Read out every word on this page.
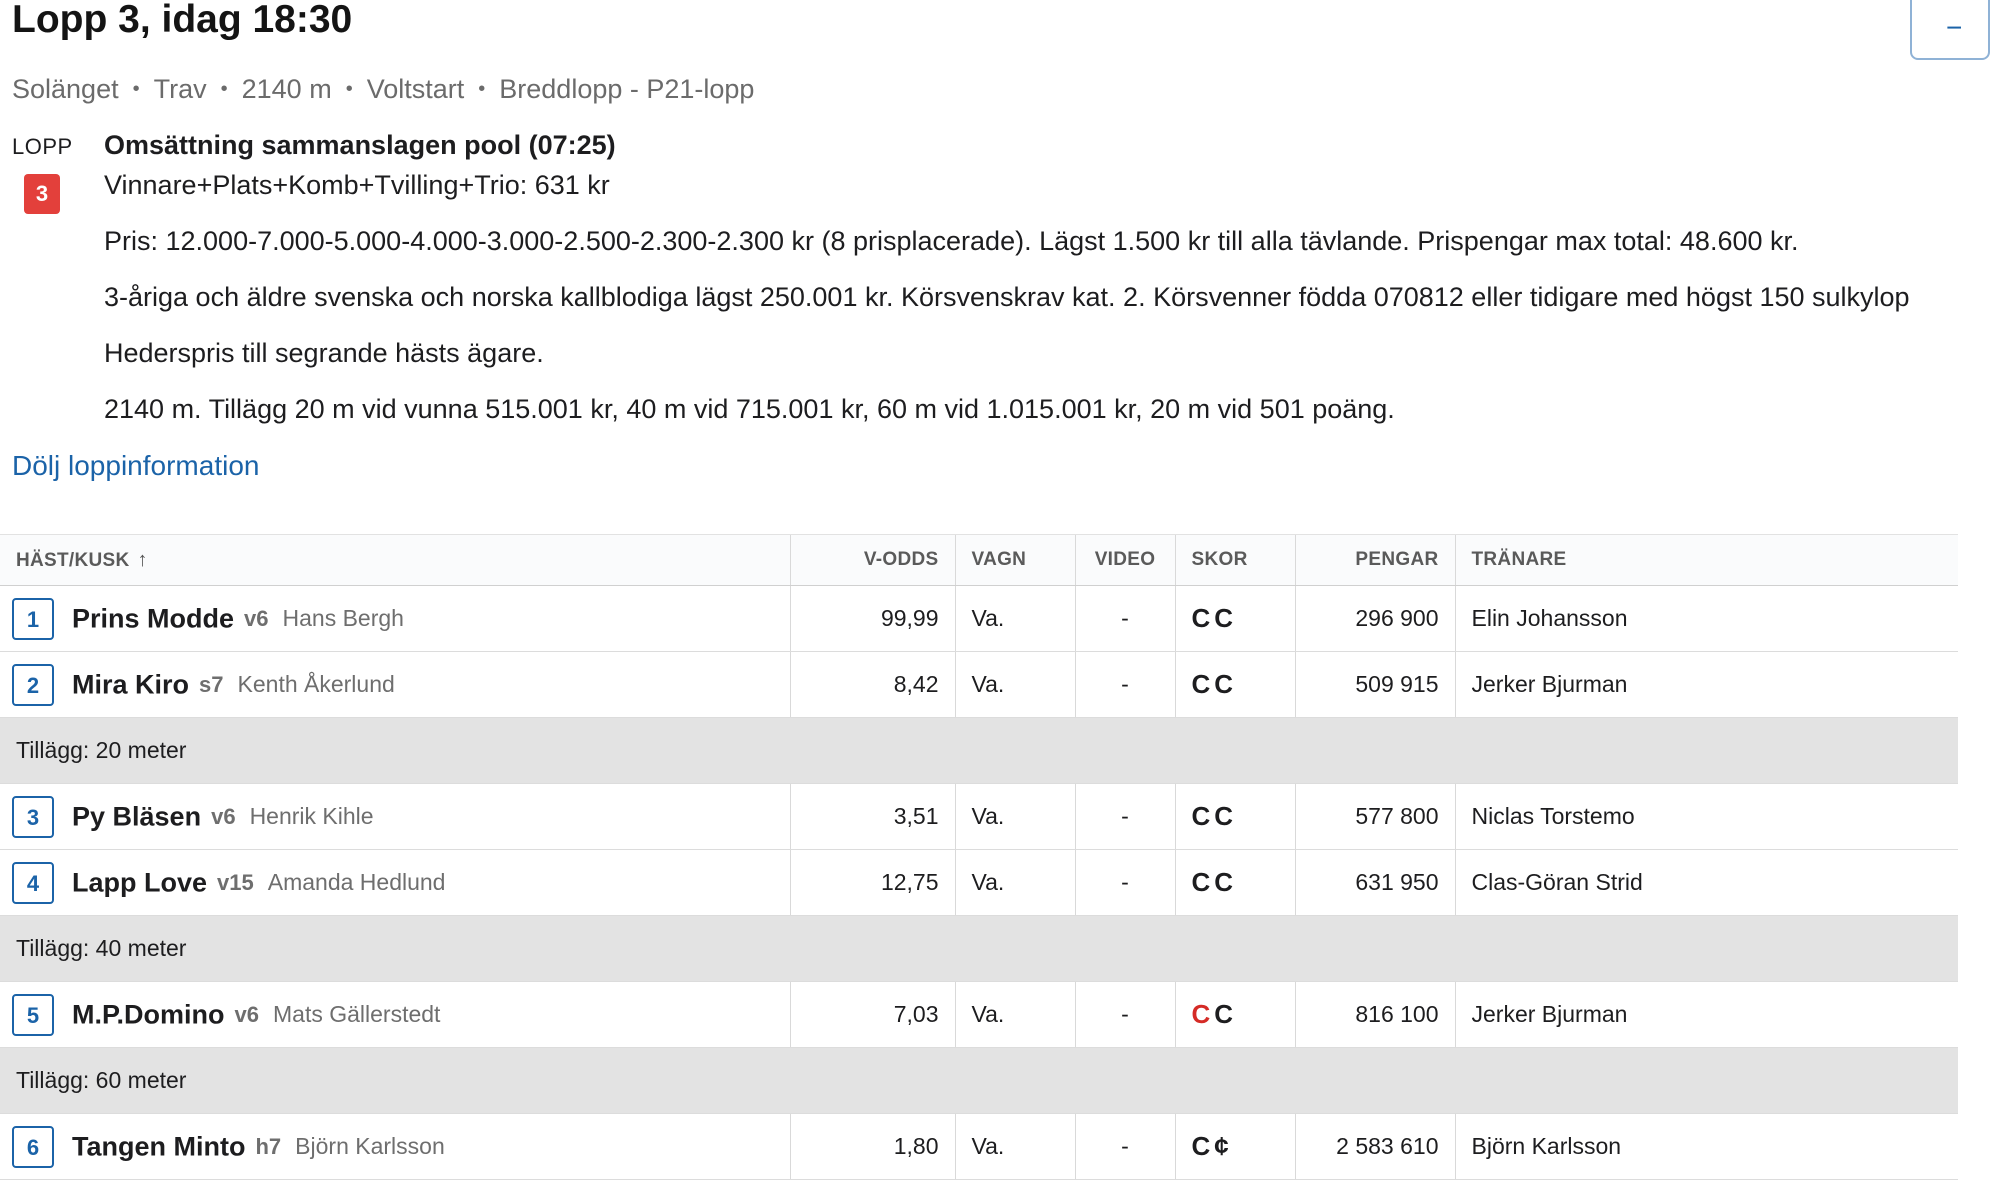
−
Lopp 3, idag 18:30
Solänget • Trav • 2140 m • Voltstart • Breddlopp - P21-lopp
LOPP
3
Omsättning sammanslagen pool (07:25)
Vinnare+Plats+Komb+Tvilling+Trio: 631 kr
Pris: 12.000-7.000-5.000-4.000-3.000-2.500-2.300-2.300 kr (8 prisplacerade). Lägst 1.500 kr till alla tävlande. Prispengar max total: 48.600 kr.
3-åriga och äldre svenska och norska kallblodiga lägst 250.001 kr. Körsvenskrav kat. 2. Körsvenner födda 070812 eller tidigare med högst 150 sulkylop
Hederspris till segrande hästs ägare.
2140 m. Tillägg 20 m vid vunna 515.001 kr, 40 m vid 715.001 kr, 60 m vid 1.015.001 kr, 20 m vid 501 poäng.
Dölj loppinformation
HÄST/KUSK ↑	V-ODDS	VAGN	VIDEO	SKOR	PENGAR	TRÄNARE
1 Prins Modde v6 Hans Bergh	99,99	Va.	-	CC	296 900	Elin Johansson
2 Mira Kiro s7 Kenth Åkerlund	8,42	Va.	-	CC	509 915	Jerker Bjurman
Tillägg: 20 meter						
3 Py Bläsen v6 Henrik Kihle	3,51	Va.	-	CC	577 800	Niclas Torstemo
4 Lapp Love v15 Amanda Hedlund	12,75	Va.	-	CC	631 950	Clas-Göran Strid
Tillägg: 40 meter						
5 M.P.Domino v6 Mats Gällerstedt	7,03	Va.	-	CC	816 100	Jerker Bjurman
Tillägg: 60 meter						
6 Tangen Minto h7 Björn Karlsson	1,80	Va.	-	C¢	2 583 610	Björn Karlsson
